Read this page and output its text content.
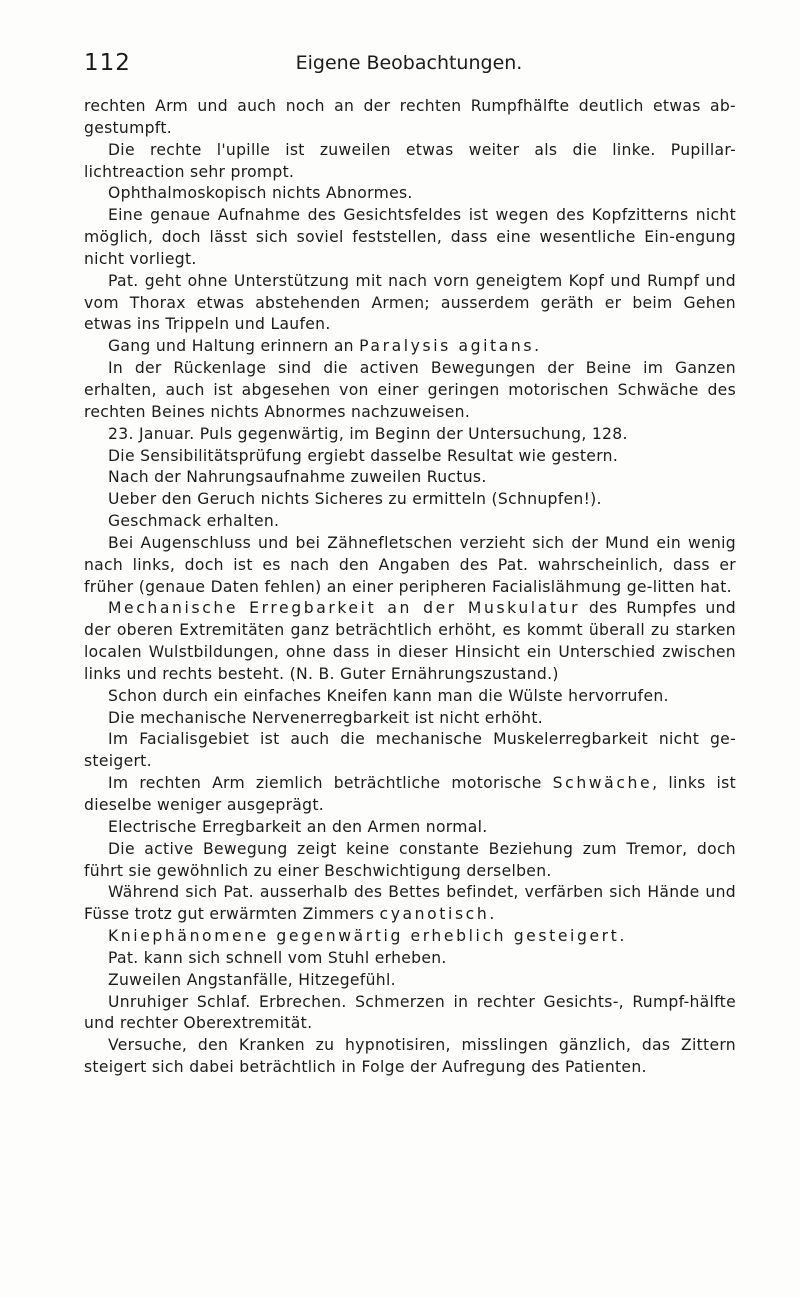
112	Eigene Beobachtungen.

rechten Arm und auch noch an der rechten Rumpfhälfte deutlich etwas ab-gestumpft.

Die rechte l'upille ist zuweilen etwas weiter als die linke. Pupillar-lichtreaction sehr prompt.

Ophthalmoskopisch nichts Abnormes.

Eine genaue Aufnahme des Gesichtsfeldes ist wegen des Kopfzitterns nicht möglich, doch lässt sich soviel feststellen, dass eine wesentliche Ein-engung nicht vorliegt.

Pat. geht ohne Unterstützung mit nach vorn geneigtem Kopf und Rumpf und vom Thorax etwas abstehenden Armen; ausserdem geräth er beim Gehen etwas ins Trippeln und Laufen.

Gang und Haltung erinnern an Paralysis agitans.

In der Rückenlage sind die activen Bewegungen der Beine im Ganzen erhalten, auch ist abgesehen von einer geringen motorischen Schwäche des rechten Beines nichts Abnormes nachzuweisen.

23. Januar. Puls gegenwärtig, im Beginn der Untersuchung, 128.

Die Sensibilitätsprüfung ergiebt dasselbe Resultat wie gestern.

Nach der Nahrungsaufnahme zuweilen Ructus.

Ueber den Geruch nichts Sicheres zu ermitteln (Schnupfen!).

Geschmack erhalten.

Bei Augenschluss und bei Zähnefletschen verzieht sich der Mund ein wenig nach links, doch ist es nach den Angaben des Pat. wahrscheinlich, dass er früher (genaue Daten fehlen) an einer peripheren Facialislähmung ge-litten hat.

Mechanische Erregbarkeit an der Muskulatur des Rumpfes und der oberen Extremitäten ganz beträchtlich erhöht, es kommt überall zu starken localen Wulstbildungen, ohne dass in dieser Hinsicht ein Unterschied zwischen links und rechts besteht. (N. B. Guter Ernährungszustand.)

Schon durch ein einfaches Kneifen kann man die Wülste hervorrufen.

Die mechanische Nervenerregbarkeit ist nicht erhöht.

Im Facialisgebiet ist auch die mechanische Muskelerregbarkeit nicht ge-steigert.

Im rechten Arm ziemlich beträchtliche motorische Schwäche, links ist dieselbe weniger ausgeprägt.

Electrische Erregbarkeit an den Armen normal.

Die active Bewegung zeigt keine constante Beziehung zum Tremor, doch führt sie gewöhnlich zu einer Beschwichtigung derselben.

Während sich Pat. ausserhalb des Bettes befindet, verfärben sich Hände und Füsse trotz gut erwärmten Zimmers cyanotisch.

Kniephänomene gegenwärtig erheblich gesteigert.

Pat. kann sich schnell vom Stuhl erheben.

Zuweilen Angstanfälle, Hitzegefühl.

Unruhiger Schlaf. Erbrechen. Schmerzen in rechter Gesichts-, Rumpf-hälfte und rechter Oberextremität.

Versuche, den Kranken zu hypnotisiren, misslingen gänzlich, das Zittern steigert sich dabei beträchtlich in Folge der Aufregung des Patienten.
